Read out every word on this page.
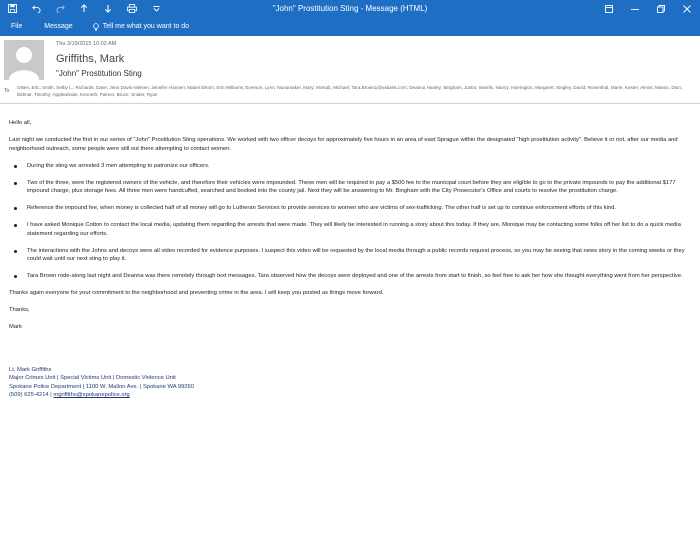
"John" Prostitution Sting - Message (HTML)
File	Message	Tell me what you want to do
Thu 3/19/2015 10:02 AM
Griffiths, Mark
"John" Prostitution Sting
To
Olsen, Eric; Smith, Selby L.; Richards, Dave; Jenn Davis Nielsen; Jennifer Hansen; Mabel Elsom; Erin Williams; Everson, Lynn; Nunamaker, Mary; McNab, Michael; Tara.Brown1@usbank.com; Deanna Hanley; Bingham, Justin; Isserlis, Nancy; Harrington, Margaret; Singley, David; Rosenthal, Marie; Kester, Alexis; Mason, Dion; Dittmar, Timothy; Applewhaite, Kenneth; Palmer, Bruce; Snider, Ryan
Hello all,
Last night we conducted the first in our series of "John" Prostitution Sting operations. We worked with two officer decoys for approximately five hours in an area of east Sprague within the designated "high prostitution activity". Believe it or not, after our media and neighborhood outreach, some people were still out there attempting to contact women.
During the sting we arrested 3 men attempting to patronize our officers.
Two of the three, were the registered owners of the vehicle, and therefore their vehicles were impounded. These men will be required to pay a $500 fee to the municipal court before they are eligible to go to the private impounds to pay the additional $177 impound charge, plus storage fees. All three men were handcuffed, searched and booked into the county jail. Next they will be answering to Mr. Bingham with the City Prosecutor's Office and courts to resolve the prostitution charge.
Reference the impound fee, when money is collected half of all money will go to Lutheran Services to provide services to women who are victims of sex-trafficking. The other half is set up to continue enforcement efforts of this kind.
I have asked Monique Cotton to contact the local media, updating them regarding the arrests that were made. They will likely be interested in running a story about this today. If they are, Monique may be contacting some folks off her list to do a quick media statement regarding our efforts.
The interactions with the Johns and decoys were all video recorded for evidence purposes. I suspect this video will be requested by the local media through a public records request process, so you may be seeing that news story in the coming weeks or they could wait until our next sting to play it.
Tara Brown rode-along last night and Deanna was there remotely through text messages. Tara observed how the decoys were deployed and one of the arrests from start to finish, so feel free to ask her how she thought everything went from her perspective.
Thanks again everyone for your commitment to the neighborhood and preventing crime in the area. I will keep you posted as things move forward.
Thanks,
Mark
Lt. Mark Griffiths
Major Crimes Unit | Special Victims Unit | Domestic Violence Unit
Spokane Police Department | 1100 W. Mallon Ave. | Spokane WA 99260
(509) 625-4214 | mgriffiths@spokanepolice.org
